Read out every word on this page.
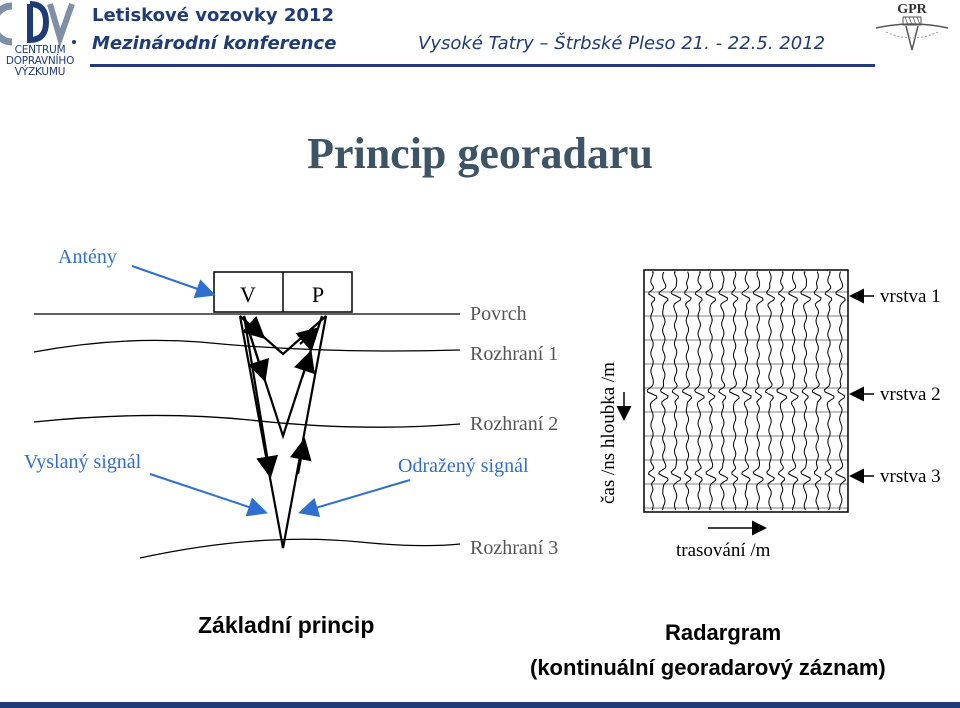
CENTRUM
DOPRAVNÍHO
VÝZKUMU
Letiskové vozovky 2012
Mezinárodní konference	Vysoké Tatry – Štrbské Pleso 21. - 22.5. 2012
GPR
Princip georadaru
V	P
Antény
Povrch
Rozhraní 1
Rozhraní 2
Rozhraní 3
Vyslaný signál	Odražený signál
vrstva 1
vrstva 2
vrstva 3
trasování /m
čas /ns hloubka /m
Základní princip	Radargram
(kontinuální georadarový záznam)
